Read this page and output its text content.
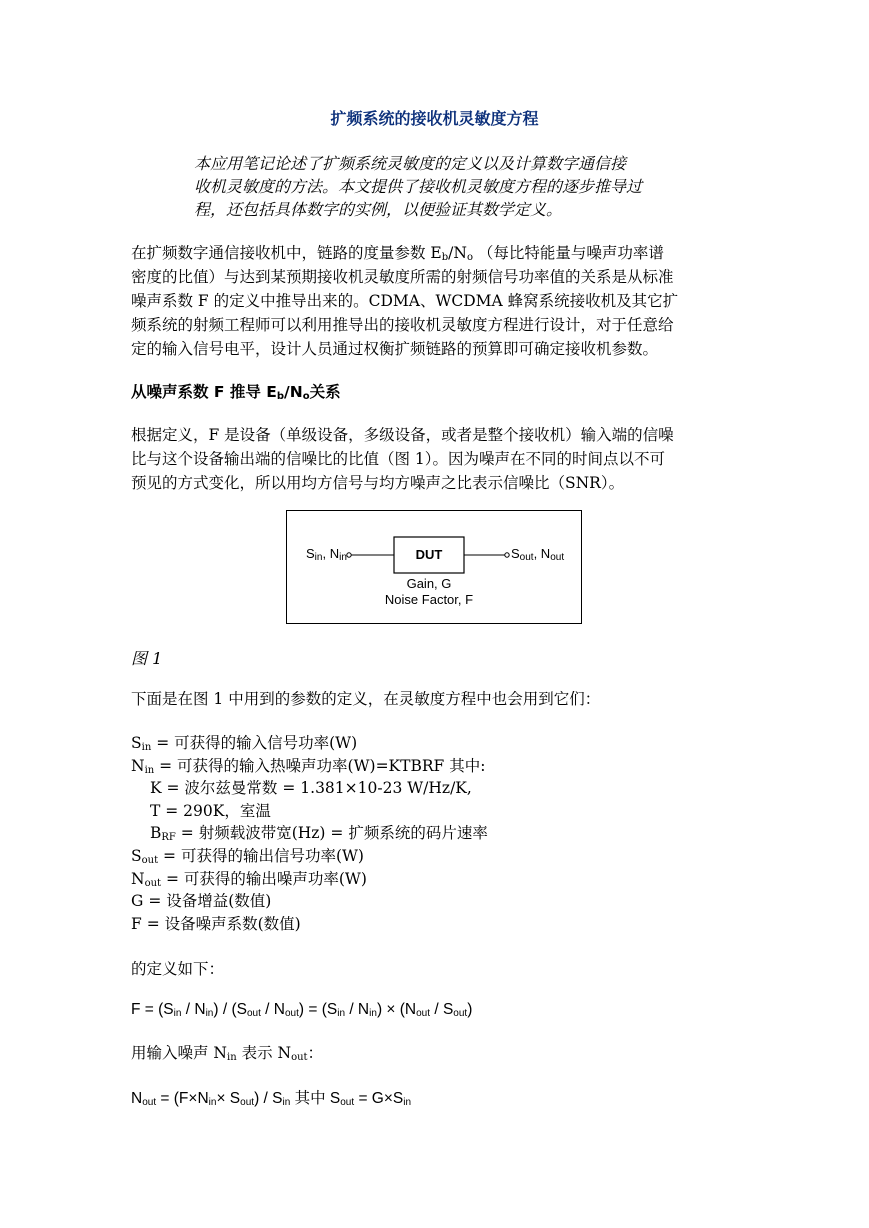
扩频系统的接收机灵敏度方程
本应用笔记论述了扩频系统灵敏度的定义以及计算数字通信接
收机灵敏度的方法。本文提供了接收机灵敏度方程的逐步推导过
程，还包括具体数字的实例，以便验证其数学定义。
在扩频数字通信接收机中，链路的度量参数 $E_b/N_o$ （每比特能量与噪声功率谱
密度的比值）与达到某预期接收机灵敏度所需的射频信号功率值的关系是从标准
噪声系数 F 的定义中推导出来的。CDMA、WCDMA 蜂窝系统接收机及其它扩
频系统的射频工程师可以利用推导出的接收机灵敏度方程进行设计，对于任意给
定的输入信号电平，设计人员通过权衡扩频链路的预算即可确定接收机参数。
从噪声系数 F 推导 $E_b/N_o$关系
根据定义，F 是设备（单级设备，多级设备，或者是整个接收机）输入端的信噪
比与这个设备输出端的信噪比的比值（图 1）。因为噪声在不同的时间点以不可
预见的方式变化，所以用均方信号与均方噪声之比表示信噪比（SNR）。
$S_{in}$, $N_{in}$	DUT	$S_{out}$, $N_{out}$
Gain, G
Noise Factor, F
图 1
下面是在图 1 中用到的参数的定义，在灵敏度方程中也会用到它们：
$S_{in}$ = 可获得的输入信号功率(W)
$N_{in}$ = 可获得的输入热噪声功率(W)=KTBRF 其中:
K = 波尔兹曼常数 = 1.381×10-23 W/Hz/K,
T = 290K，室温
$B_{RF}$ = 射频载波带宽(Hz) = 扩频系统的码片速率
$S_{out}$ = 可获得的输出信号功率(W)
$N_{out}$ = 可获得的输出噪声功率(W)
G = 设备增益(数值)
F = 设备噪声系数(数值)
的定义如下：
$F = (S_{in} / N_{in}) / (S_{out} / N_{out}) = (S_{in} / N_{in}) \times (N_{out} / S_{out})$
用输入噪声 $N_{in}$ 表示 $N_{out}$：
$N_{out} = (F\times N_{in}\times S_{out}) / S_{in}$ 其中 $S_{out} = G\times S_{in}$
